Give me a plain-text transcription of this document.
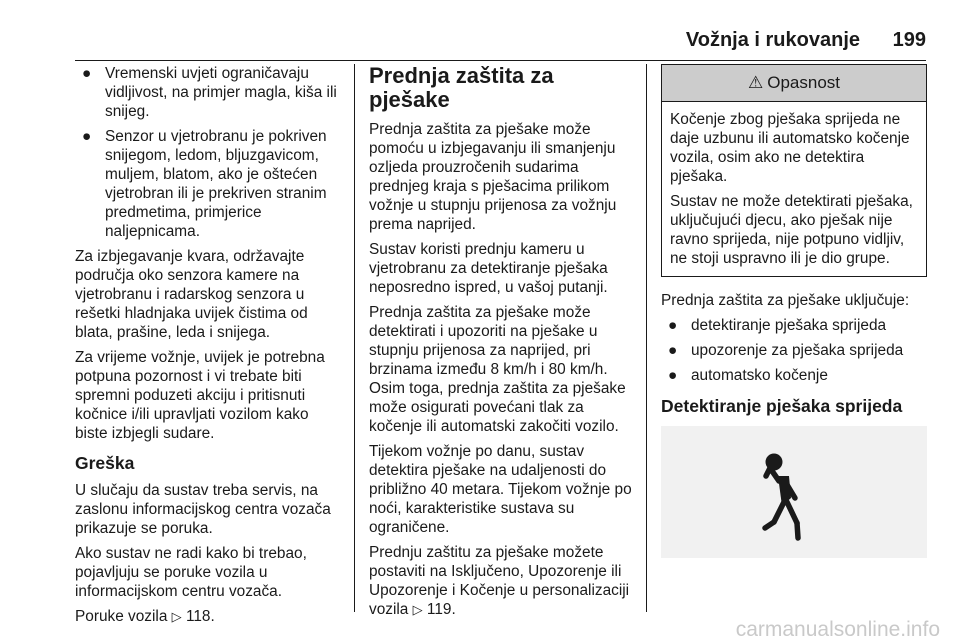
Vožnja i rukovanje 199
● Vremenski uvjeti ograničavaju vidljivost, na primjer magla, kiša ili snijeg.
● Senzor u vjetrobranu je pokriven snijegom, ledom, bljuzgavicom, muljem, blatom, ako je oštećen vjetrobran ili je prekriven stranim predmetima, primjerice naljepnicama.

Za izbjegavanje kvara, održavajte područja oko senzora kamere na vjetrobranu i radarskog senzora u rešetki hladnjaka uvijek čistima od blata, prašine, leda i snijega.

Za vrijeme vožnje, uvijek je potrebna potpuna pozornost i vi trebate biti spremni poduzeti akciju i pritisnuti kočnice i/ili upravljati vozilom kako biste izbjegli sudare.

Greška

U slučaju da sustav treba servis, na zaslonu informacijskog centra vozača prikazuje se poruka.

Ako sustav ne radi kako bi trebao, pojavljuju se poruke vozila u informacijskom centru vozača.

Poruke vozila ▷ 118.

Prednja zaštita za pješake

Prednja zaštita za pješake može pomoću u izbjegavanju ili smanjenju ozljeda prouzročenih sudarima prednjeg kraja s pješacima prilikom vožnje u stupnju prijenosa za vožnju prema naprijed.

Sustav koristi prednju kameru u vjetrobranu za detektiranje pješaka neposredno ispred, u vašoj putanji.

Prednja zaštita za pješake može detektirati i upozoriti na pješake u stupnju prijenosa za naprijed, pri brzinama između 8 km/h i 80 km/h. Osim toga, prednja zaštita za pješake može osigurati povećani tlak za kočenje ili automatski zakočiti vozilo.

Tijekom vožnje po danu, sustav detektira pješake na udaljenosti do približno 40 metara. Tijekom vožnje po noći, karakteristike sustava su ograničene.

Prednju zaštitu za pješake možete postaviti na Isključeno, Upozorenje ili Upozorenje i Kočenje u personalizaciji vozila ▷ 119.

⚠ Opasnost

Kočenje zbog pješaka sprijeda ne daje uzbunu ili automatsko kočenje vozila, osim ako ne detektira pješaka.

Sustav ne može detektirati pješaka, uključujući djecu, ako pješak nije ravno sprijeda, nije potpuno vidljiv, ne stoji uspravno ili je dio grupe.

Prednja zaštita za pješake uključuje:

● detektiranje pješaka sprijeda
● upozorenje za pješaka sprijeda
● automatsko kočenje
Detektiranje pješaka sprijeda
carmanualsonline.info
